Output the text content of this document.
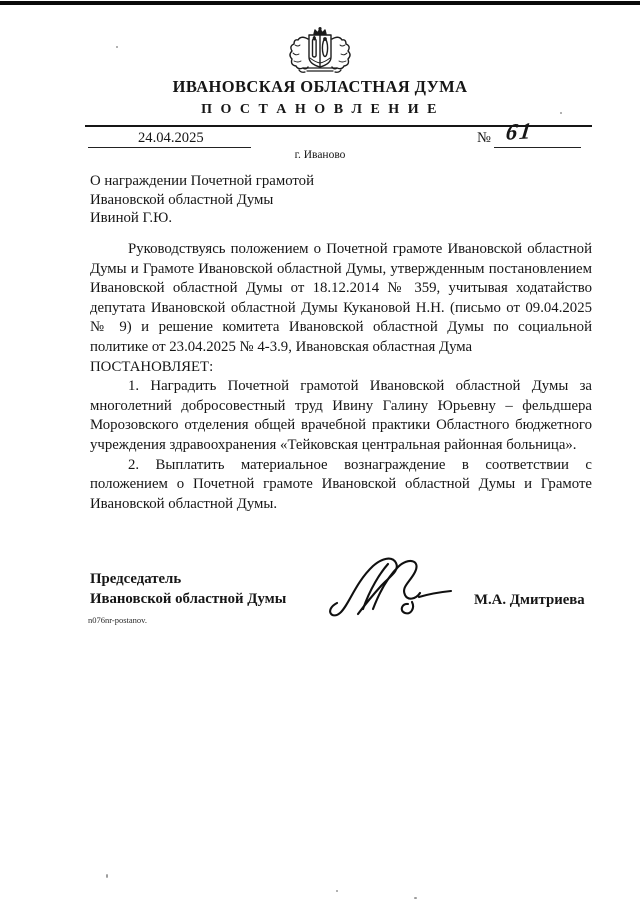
ИВАНОВСКАЯ ОБЛАСТНАЯ ДУМА
П О С Т А Н О В Л Е Н И Е
24.04.2025	№ 61
г. Иваново
О награждении Почетной грамотой
Ивановской областной Думы
Ивиной Г.Ю.

Руководствуясь положением о Почетной грамоте Ивановской областной Думы и Грамоте Ивановской областной Думы, утвержденным постановлением Ивановской областной Думы от 18.12.2014 № 359, учитывая ходатайство депутата Ивановской областной Думы Кукановой Н.Н. (письмо от 09.04.2025 № 9) и решение комитета Ивановской областной Думы по социальной политике от 23.04.2025 № 4-3.9, Ивановская областная Дума

ПОСТАНОВЛЯЕТ:

1. Наградить Почетной грамотой Ивановской областной Думы за многолетний добросовестный труд Ивину Галину Юрьевну – фельдшера Морозовского отделения общей врачебной практики Областного бюджетного учреждения здравоохранения «Тейковская центральная районная больница».

2. Выплатить материальное вознаграждение в соответствии с положением о Почетной грамоте Ивановской областной Думы и Грамоте Ивановской областной Думы.

Председатель
Ивановской областной Думы	М.А. Дмитриева
n076nr-postanov.
